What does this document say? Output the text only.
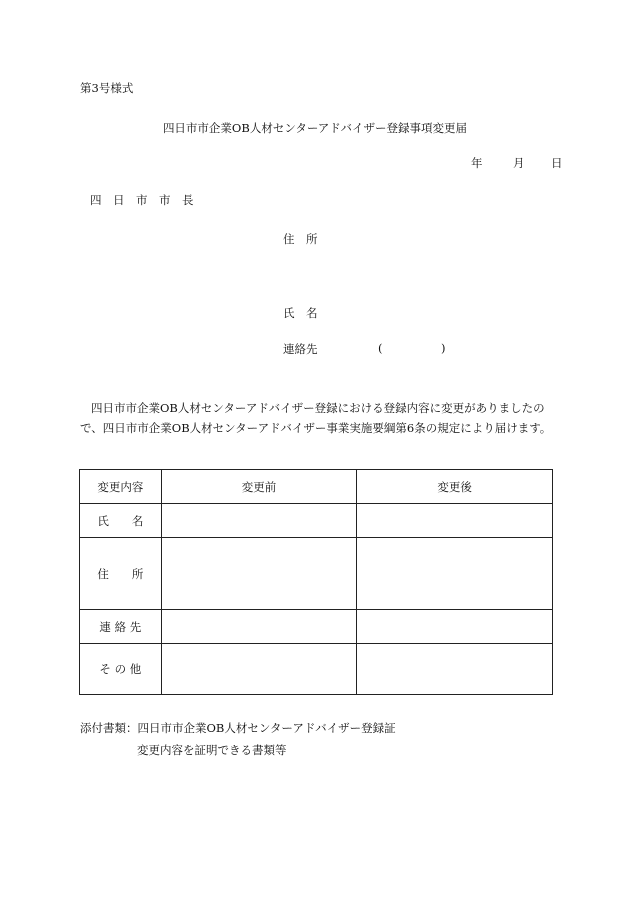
第3号様式
四日市市企業OB人材センターアドバイザー登録事項変更届
年	月 日
四　日　市　市　長
住　所
氏　名
連絡先	(	)
四日市市企業OB人材センターアドバイザー登録における登録内容に変更がありましたので、四日市市企業OB人材センターアドバイザー事業実施要綱第6条の規定により届けます。
変更内容	変更前	変更後
氏　　名		
住　　所		
連 絡 先		
そ の 他		
添付書類：四日市市企業OB人材センターアドバイザー登録証
変更内容を証明できる書類等
